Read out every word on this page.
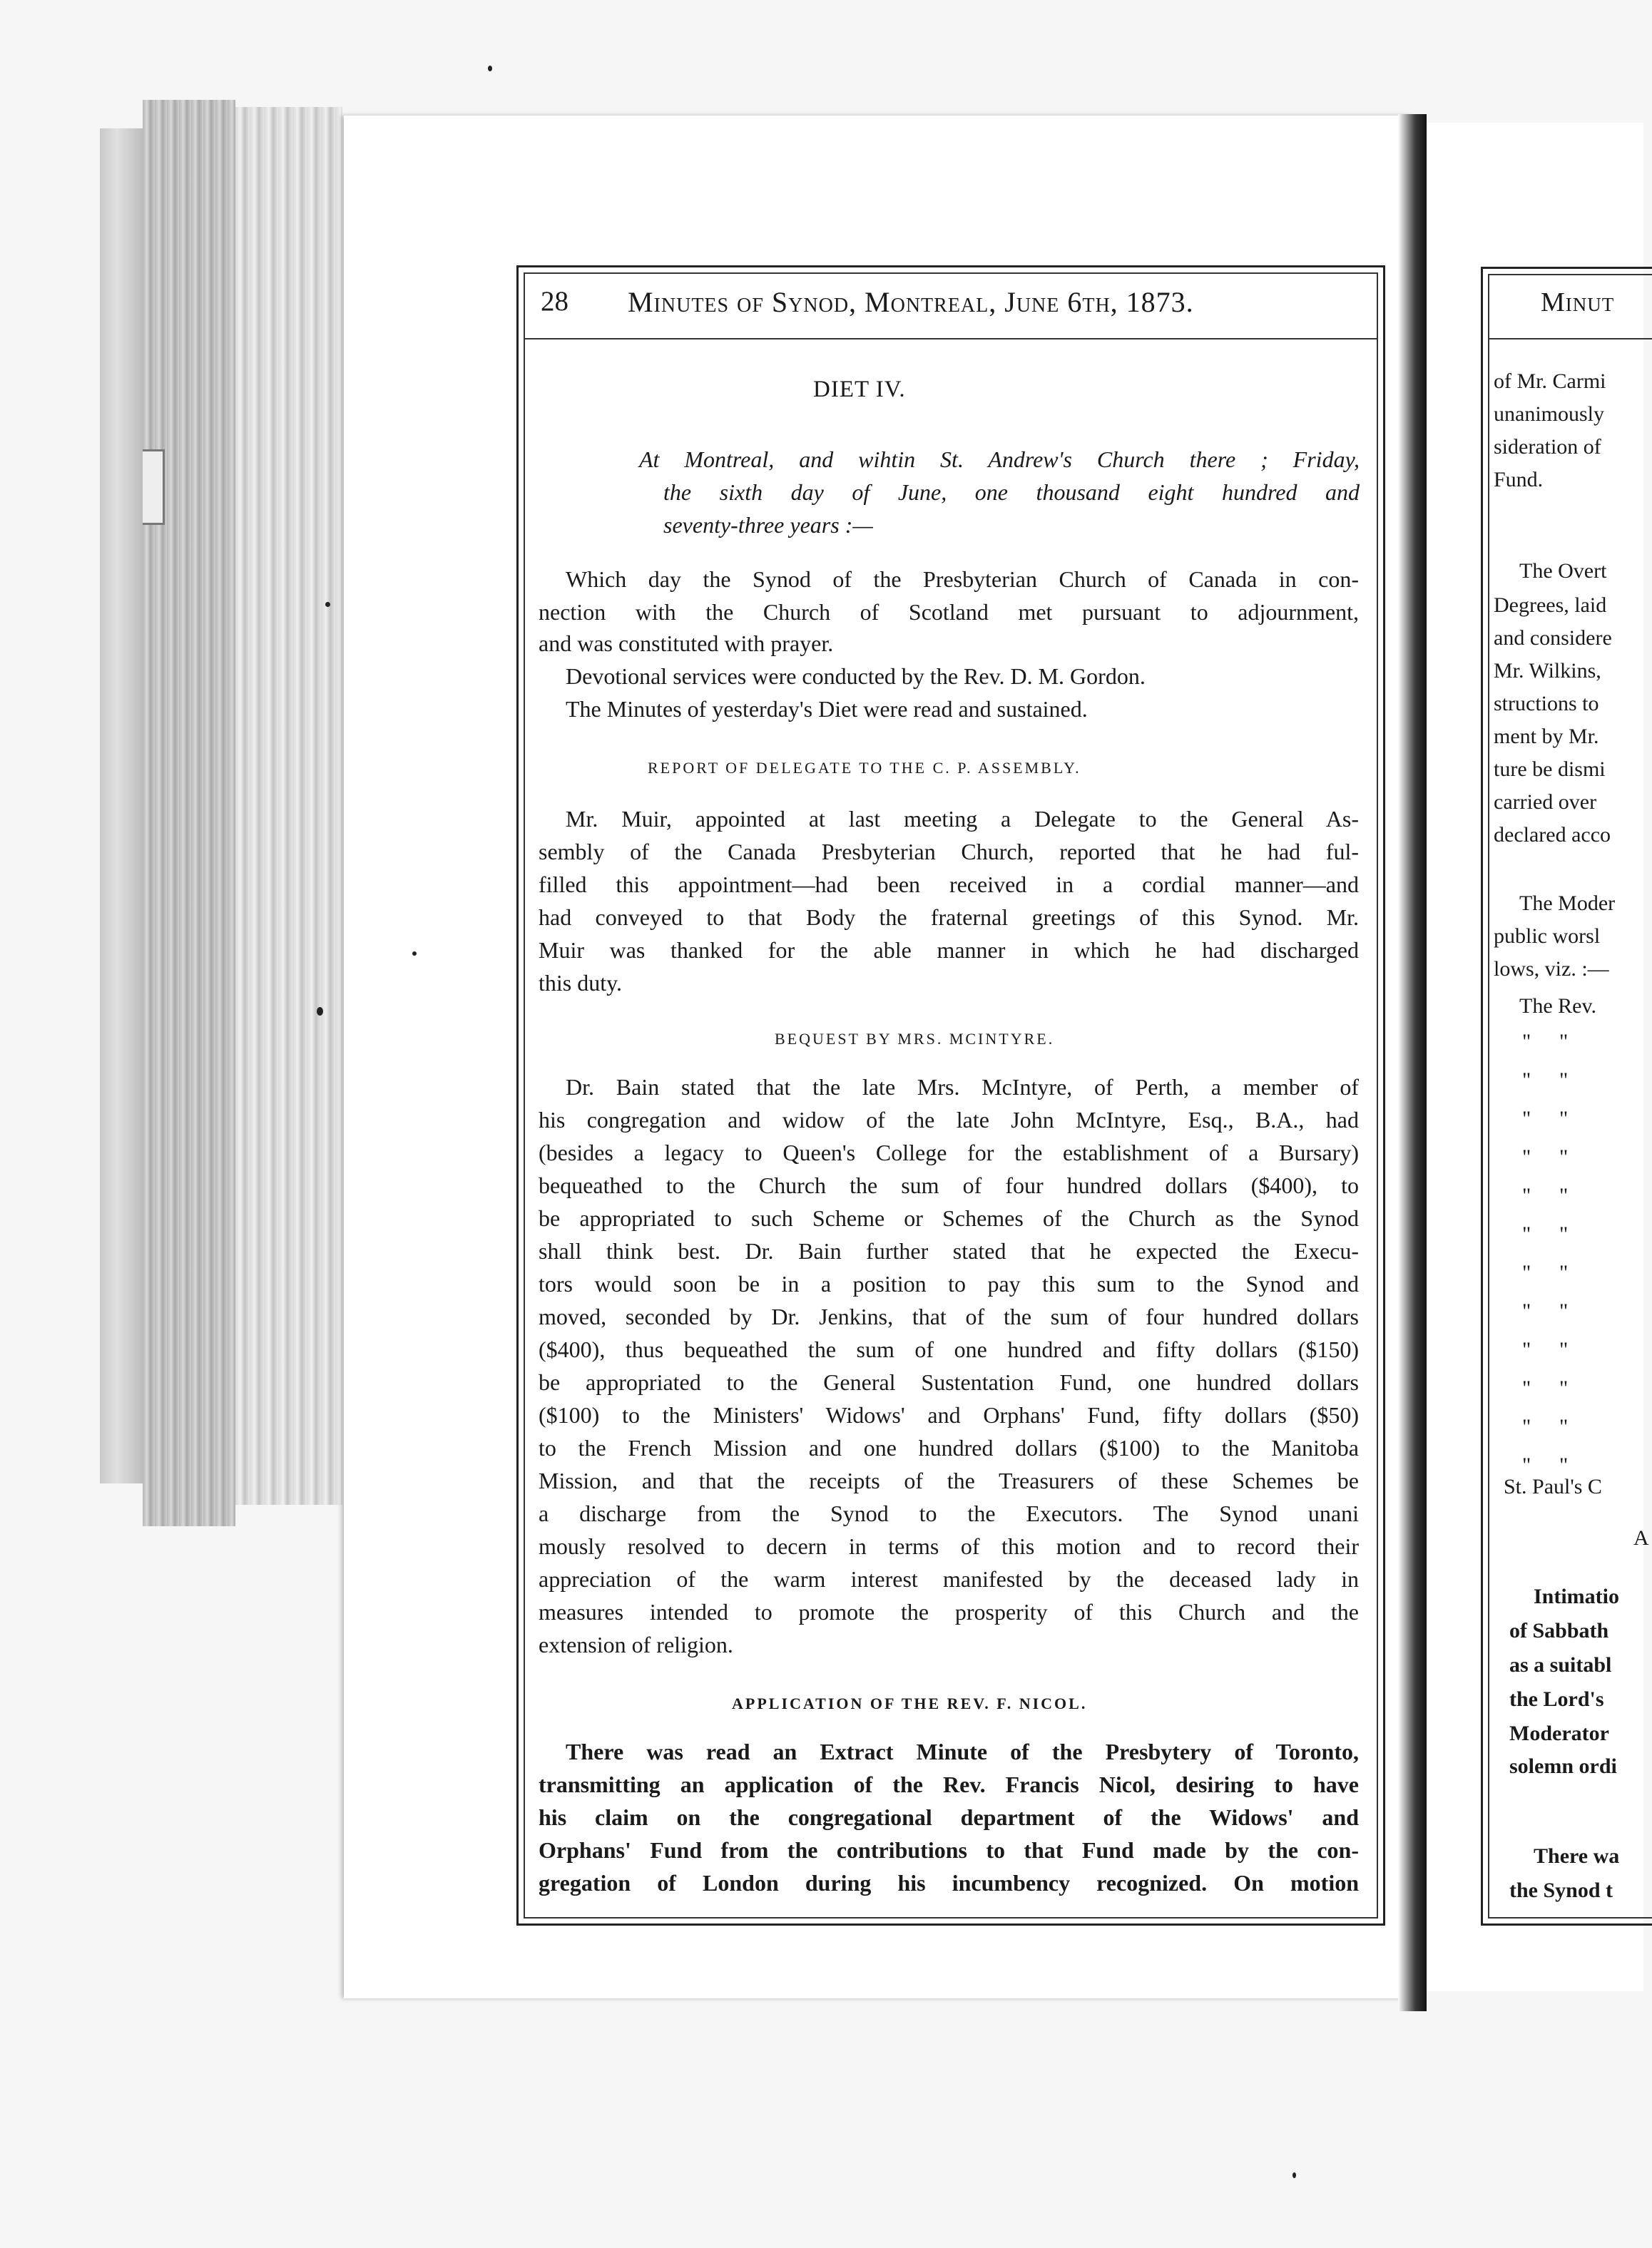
28 Minutes of Synod, Montreal, June 6th, 1873.
DIET IV.
At Montreal, and wihtin St. Andrew's Church there ; Friday,
the sixth day of June, one thousand eight hundred and
seventy-three years :—
Which day the Synod of the Presbyterian Church of Canada in con-
nection with the Church of Scotland met pursuant to adjournment,
and was constituted with prayer.
Devotional services were conducted by the Rev. D. M. Gordon.
The Minutes of yesterday's Diet were read and sustained.
REPORT OF DELEGATE TO THE C. P. ASSEMBLY.
Mr. Muir, appointed at last meeting a Delegate to the General As-
sembly of the Canada Presbyterian Church, reported that he had ful-
filled this appointment—had been received in a cordial manner—and
had conveyed to that Body the fraternal greetings of this Synod. Mr.
Muir was thanked for the able manner in which he had discharged
this duty.
BEQUEST BY MRS. MCINTYRE.
Dr. Bain stated that the late Mrs. McIntyre, of Perth, a member of
his congregation and widow of the late John McIntyre, Esq., B.A., had
(besides a legacy to Queen's College for the establishment of a Bursary)
bequeathed to the Church the sum of four hundred dollars ($400), to
be appropriated to such Scheme or Schemes of the Church as the Synod
shall think best. Dr. Bain further stated that he expected the Execu-
tors would soon be in a position to pay this sum to the Synod and
moved, seconded by Dr. Jenkins, that of the sum of four hundred dollars
($400), thus bequeathed the sum of one hundred and fifty dollars ($150)
be appropriated to the General Sustentation Fund, one hundred dollars
($100) to the Ministers' Widows' and Orphans' Fund, fifty dollars ($50)
to the French Mission and one hundred dollars ($100) to the Manitoba
Mission, and that the receipts of the Treasurers of these Schemes be
a discharge from the Synod to the Executors. The Synod unani
mously resolved to decern in terms of this motion and to record their
appreciation of the warm interest manifested by the deceased lady in
measures intended to promote the prosperity of this Church and the
extension of religion.
APPLICATION OF THE REV. F. NICOL.
There was read an Extract Minute of the Presbytery of Toronto,
transmitting an application of the Rev. Francis Nicol, desiring to have
his claim on the congregational department of the Widows' and
Orphans' Fund from the contributions to that Fund made by the con-
gregation of London during his incumbency recognized. On motion
Minut
of Mr. Carmi
unanimously
sideration of
Fund.
The Overt
Degrees, laid
and considere
Mr. Wilkins,
structions to
ment by Mr.
ture be dismi
carried over
declared acco
The Moder
public worsl
lows, viz. :—
The Rev.
" "
" "
" "
" "
" "
" "
" "
" "
" "
" "
" "
" "
St. Paul's C
A
Intimatio
of Sabbath
as a suitabl
the Lord's
Moderator
solemn ordi
There wa
the Synod t
